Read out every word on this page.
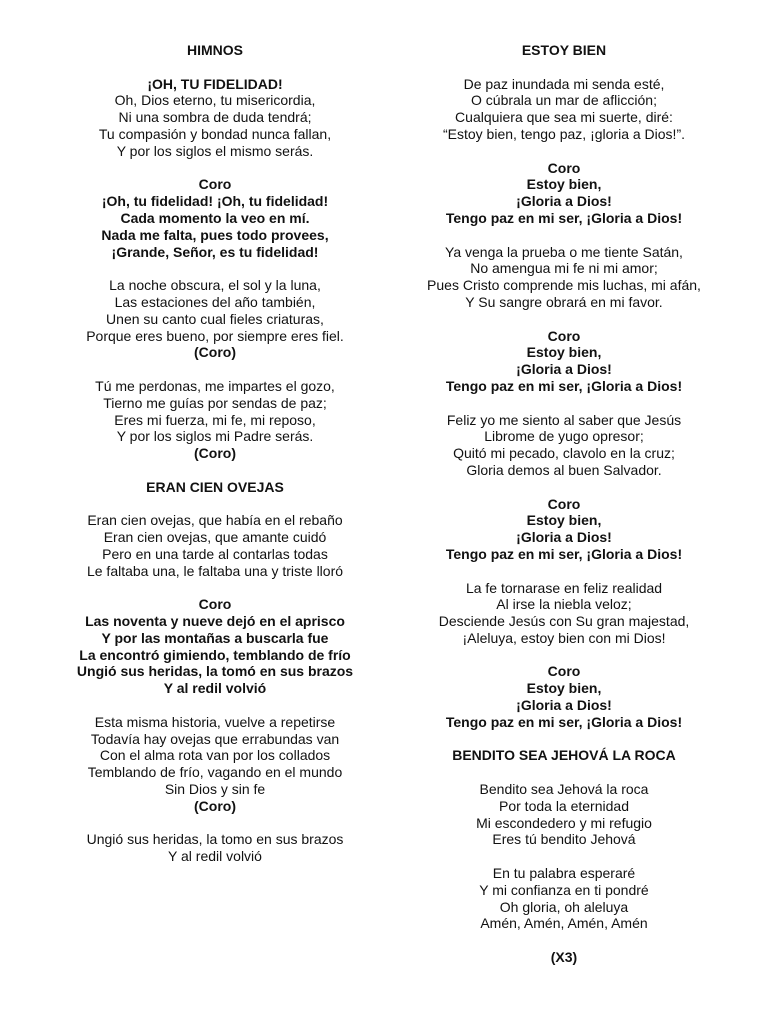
HIMNOS
¡OH, TU FIDELIDAD!
Oh, Dios eterno, tu misericordia,
Ni una sombra de duda tendrá;
Tu compasión y bondad nunca fallan,
Y por los siglos el mismo serás.
Coro
¡Oh, tu fidelidad! ¡Oh, tu fidelidad!
Cada momento la veo en mí.
Nada me falta, pues todo provees,
¡Grande, Señor, es tu fidelidad!
La noche obscura, el sol y la luna,
Las estaciones del año también,
Unen su canto cual fieles criaturas,
Porque eres bueno, por siempre eres fiel.
(Coro)
Tú me perdonas, me impartes el gozo,
Tierno me guías por sendas de paz;
Eres mi fuerza, mi fe, mi reposo,
Y por los siglos mi Padre serás.
(Coro)
ERAN CIEN OVEJAS
Eran cien ovejas, que había en el rebaño
Eran cien ovejas, que amante cuidó
Pero en una tarde al contarlas todas
Le faltaba una, le faltaba una y triste lloró
Coro
Las noventa y nueve dejó en el aprisco
Y por las montañas a buscarla fue
La encontró gimiendo, temblando de frío
Ungió sus heridas, la tomó en sus brazos
Y al redil volvió
Esta misma historia, vuelve a repetirse
Todavía hay ovejas que errabundas van
Con el alma rota van por los collados
Temblando de frío, vagando en el mundo
Sin Dios y sin fe
(Coro)
Ungió sus heridas, la tomo en sus brazos
Y al redil volvió
ESTOY BIEN
De paz inundada mi senda esté,
O cúbrala un mar de aflicción;
Cualquiera que sea mi suerte, diré:
“Estoy bien, tengo paz, ¡gloria a Dios!”.
Coro
Estoy bien,
¡Gloria a Dios!
Tengo paz en mi ser, ¡Gloria a Dios!
Ya venga la prueba o me tiente Satán,
No amengua mi fe ni mi amor;
Pues Cristo comprende mis luchas, mi afán,
Y Su sangre obrará en mi favor.
Coro
Estoy bien,
¡Gloria a Dios!
Tengo paz en mi ser, ¡Gloria a Dios!
Feliz yo me siento al saber que Jesús
Librome de yugo opresor;
Quitó mi pecado, clavolo en la cruz;
Gloria demos al buen Salvador.
Coro
Estoy bien,
¡Gloria a Dios!
Tengo paz en mi ser, ¡Gloria a Dios!
La fe tornarase en feliz realidad
Al irse la niebla veloz;
Desciende Jesús con Su gran majestad,
¡Aleluya, estoy bien con mi Dios!
Coro
Estoy bien,
¡Gloria a Dios!
Tengo paz en mi ser, ¡Gloria a Dios!
BENDITO SEA JEHOVÁ LA ROCA
Bendito sea Jehová la roca
Por toda la eternidad
Mi escondedero y mi refugio
Eres tú bendito Jehová
En tu palabra esperaré
Y mi confianza en ti pondré
Oh gloria, oh aleluya
Amén, Amén, Amén, Amén
(X3)
